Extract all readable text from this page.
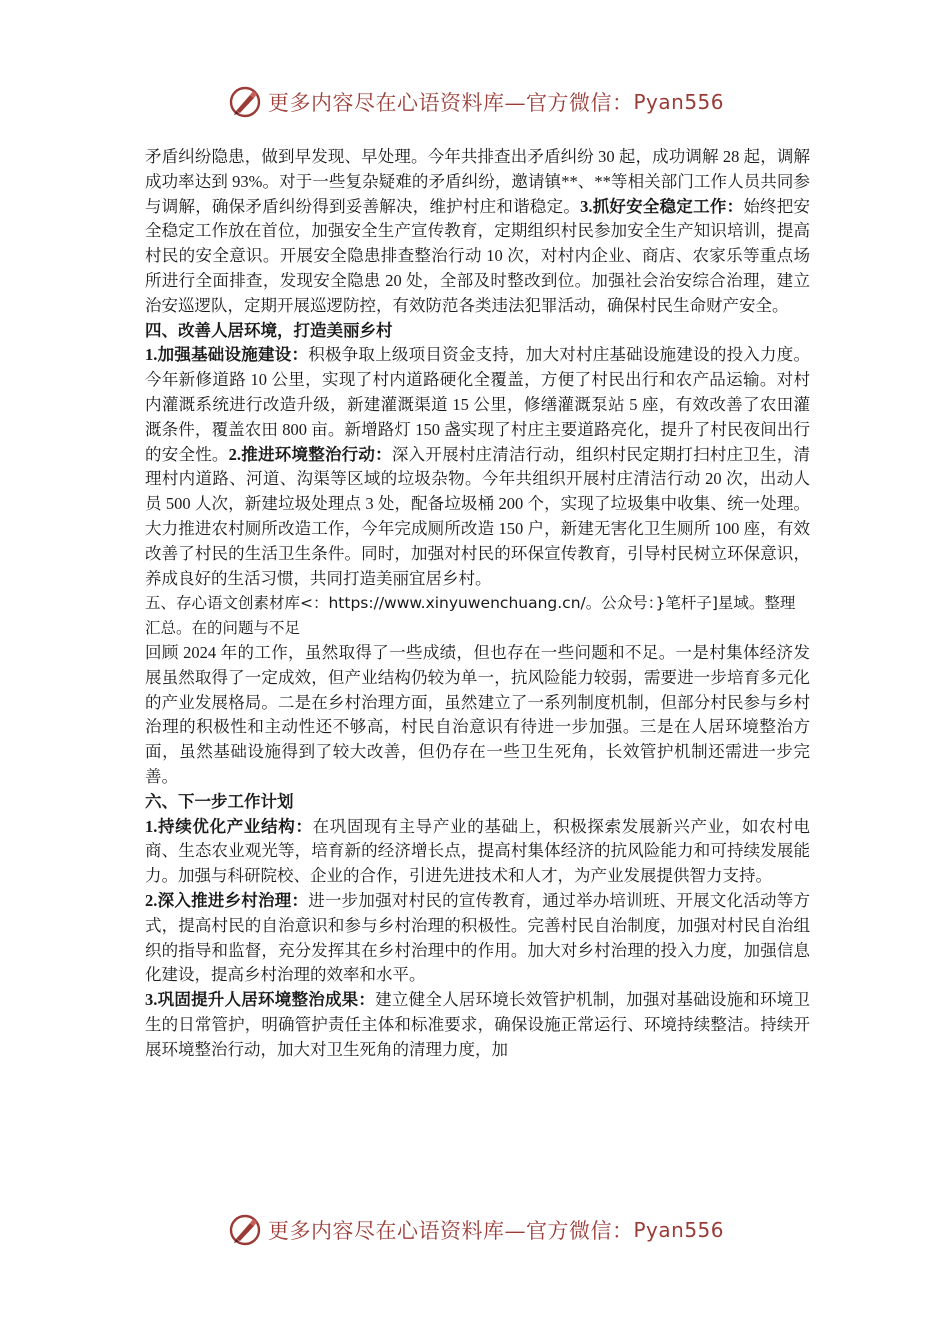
更多内容尽在心语资料库—官方微信： Pyan556

矛盾纠纷隐患，做到早发现、早处理。今年共排查出矛盾纠纷 30 起，成功调解 28 起，调解成功率达到 93%。对于一些复杂疑难的矛盾纠纷，邀请镇**、**等相关部门工作人员共同参与调解，确保矛盾纠纷得到妥善解决，维护村庄和谐稳定。3.抓好安全稳定工作：始终把安全稳定工作放在首位，加强安全生产宣传教育，定期组织村民参加安全生产知识培训，提高村民的安全意识。开展安全隐患排查整治行动 10 次，对村内企业、商店、农家乐等重点场所进行全面排查，发现安全隐患 20 处，全部及时整改到位。加强社会治安综合治理，建立治安巡逻队，定期开展巡逻防控，有效防范各类违法犯罪活动，确保村民生命财产安全。

四、改善人居环境，打造美丽乡村

1.加强基础设施建设：积极争取上级项目资金支持，加大对村庄基础设施建设的投入力度。今年新修道路 10 公里，实现了村内道路硬化全覆盖，方便了村民出行和农产品运输。对村内灌溉系统进行改造升级，新建灌溉渠道 15 公里，修缮灌溉泵站 5 座，有效改善了农田灌溉条件，覆盖农田 800 亩。新增路灯 150 盏实现了村庄主要道路亮化，提升了村民夜间出行的安全性。2.推进环境整治行动：深入开展村庄清洁行动，组织村民定期打扫村庄卫生，清理村内道路、河道、沟渠等区域的垃圾杂物。今年共组织开展村庄清洁行动 20 次，出动人员 500 人次，新建垃圾处理点 3 处，配备垃圾桶 200 个，实现了垃圾集中收集、统一处理。大力推进农村厕所改造工作，今年完成厕所改造 150 户，新建无害化卫生厕所 100 座，有效改善了村民的生活卫生条件。同时，加强对村民的环保宣传教育，引导村民树立环保意识，养成良好的生活习惯，共同打造美丽宜居乡村。

五、存心语文创素材库<：https://www.xinyuwenchuang.cn/。公众号：}笔杆子]星域。整理汇总。在的问题与不足

回顾 2024 年的工作，虽然取得了一些成绩，但也存在一些问题和不足。一是村集体经济发展虽然取得了一定成效，但产业结构仍较为单一，抗风险能力较弱，需要进一步培育多元化的产业发展格局。二是在乡村治理方面，虽然建立了一系列制度机制，但部分村民参与乡村治理的积极性和主动性还不够高，村民自治意识有待进一步加强。三是在人居环境整治方面，虽然基础设施得到了较大改善，但仍存在一些卫生死角，长效管护机制还需进一步完善。

六、下一步工作计划

1.持续优化产业结构：在巩固现有主导产业的基础上，积极探索发展新兴产业，如农村电商、生态农业观光等，培育新的经济增长点，提高村集体经济的抗风险能力和可持续发展能力。加强与科研院校、企业的合作，引进先进技术和人才，为产业发展提供智力支持。

2.深入推进乡村治理：进一步加强对村民的宣传教育，通过举办培训班、开展文化活动等方式，提高村民的自治意识和参与乡村治理的积极性。完善村民自治制度，加强对村民自治组织的指导和监督，充分发挥其在乡村治理中的作用。加大对乡村治理的投入力度，加强信息化建设，提高乡村治理的效率和水平。

3.巩固提升人居环境整治成果：建立健全人居环境长效管护机制，加强对基础设施和环境卫生的日常管护，明确管护责任主体和标准要求，确保设施正常运行、环境持续整洁。持续开展环境整治行动，加大对卫生死角的清理力度，加

更多内容尽在心语资料库—官方微信： Pyan556
